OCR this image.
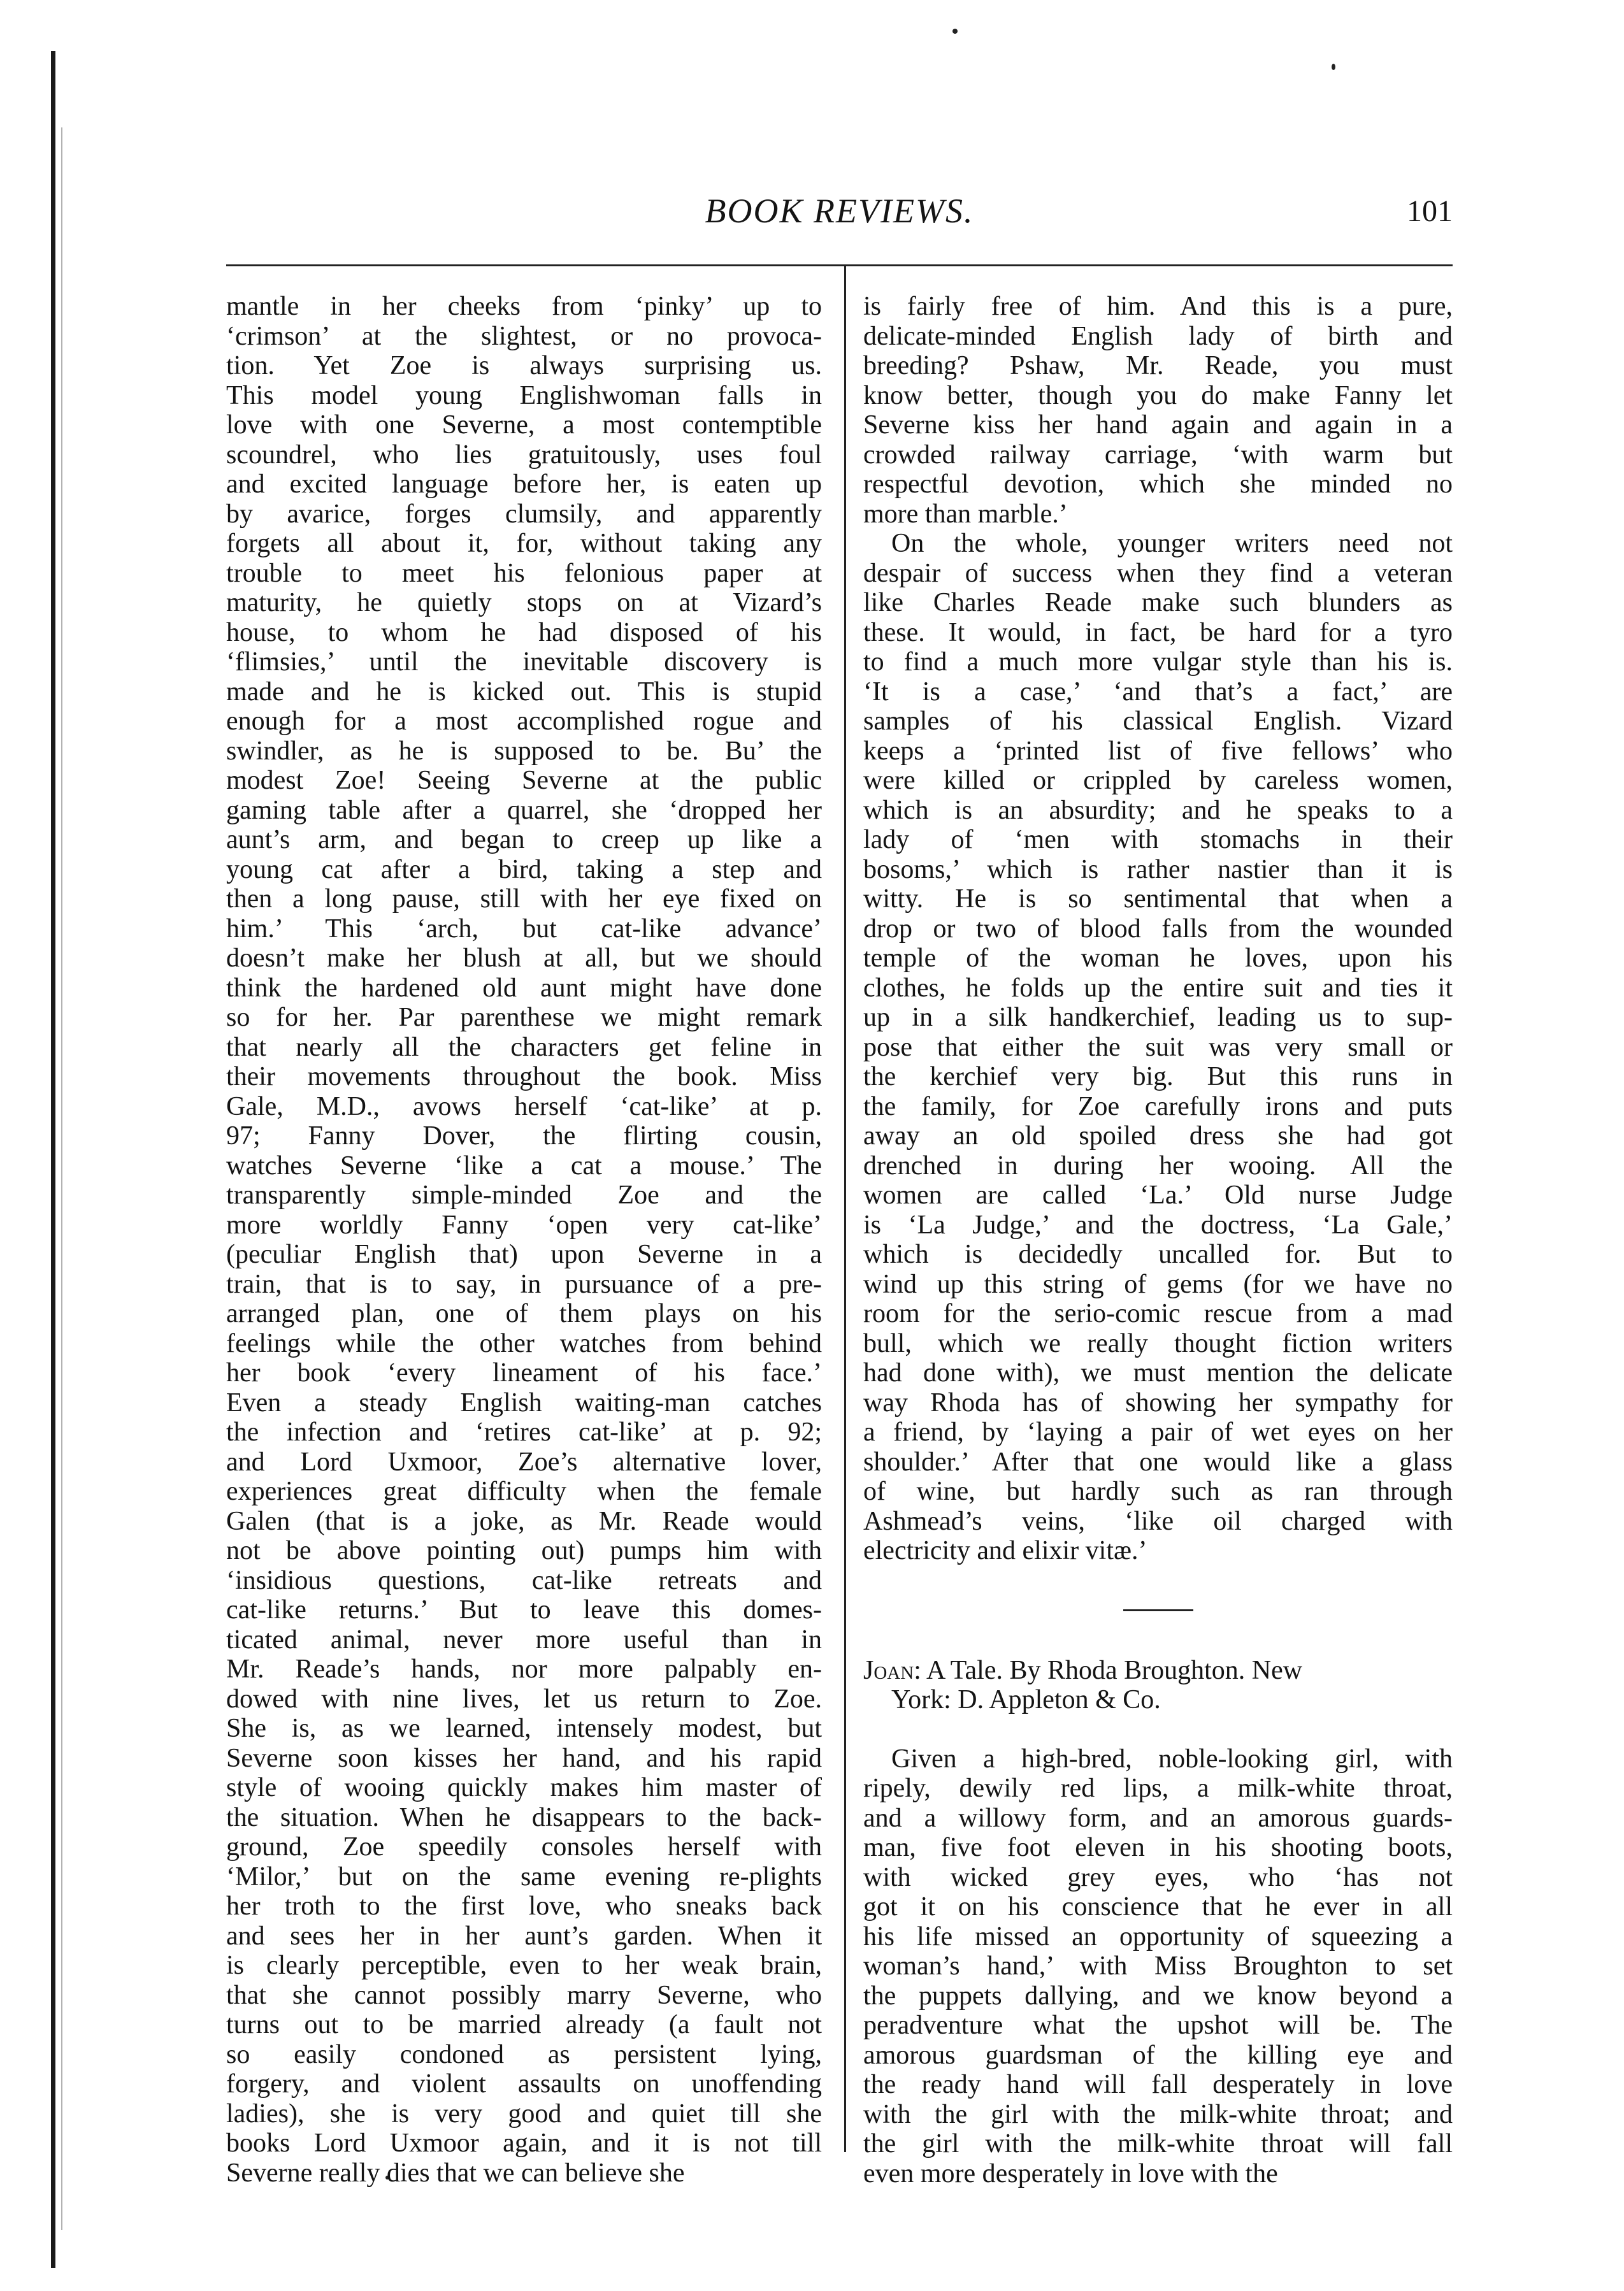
BOOK REVIEWS.	101
mantle in her cheeks from ‘pinky’ up to
‘crimson’ at the slightest, or no provoca-
tion. Yet Zoe is always surprising us.
This model young Englishwoman falls in
love with one Severne, a most contemptible
scoundrel, who lies gratuitously, uses foul
and excited language before her, is eaten up
by avarice, forges clumsily, and apparently
forgets all about it, for, without taking any
trouble to meet his felonious paper at
maturity, he quietly stops on at Vizard’s
house, to whom he had disposed of his
‘flimsies,’ until the inevitable discovery is
made and he is kicked out. This is stupid
enough for a most accomplished rogue and
swindler, as he is supposed to be. Bu’ the
modest Zoe! Seeing Severne at the public
gaming table after a quarrel, she ‘dropped her
aunt’s arm, and began to creep up like a
young cat after a bird, taking a step and
then a long pause, still with her eye fixed on
him.’ This ‘arch, but cat-like advance’
doesn’t make her blush at all, but we should
think the hardened old aunt might have done
so for her. Par parenthese we might remark
that nearly all the characters get feline in
their movements throughout the book. Miss
Gale, M.D., avows herself ‘cat-like’ at p.
97; Fanny Dover, the flirting cousin,
watches Severne ‘like a cat a mouse.’ The
transparently simple-minded Zoe and the
more worldly Fanny ‘open very cat-like’
(peculiar English that) upon Severne in a
train, that is to say, in pursuance of a pre-
arranged plan, one of them plays on his
feelings while the other watches from behind
her book ‘every lineament of his face.’
Even a steady English waiting-man catches
the infection and ‘retires cat-like’ at p. 92;
and Lord Uxmoor, Zoe’s alternative lover,
experiences great difficulty when the female
Galen (that is a joke, as Mr. Reade would
not be above pointing out) pumps him with
‘insidious questions, cat-like retreats and
cat-like returns.’ But to leave this domes-
ticated animal, never more useful than in
Mr. Reade’s hands, nor more palpably en-
dowed with nine lives, let us return to Zoe.
She is, as we learned, intensely modest, but
Severne soon kisses her hand, and his rapid
style of wooing quickly makes him master of
the situation. When he disappears to the back-
ground, Zoe speedily consoles herself with
‘Milor,’ but on the same evening re-plights
her troth to the first love, who sneaks back
and sees her in her aunt’s garden. When it
is clearly perceptible, even to her weak brain,
that she cannot possibly marry Severne, who
turns out to be married already (a fault not
so easily condoned as persistent lying,
forgery, and violent assaults on unoffending
ladies), she is very good and quiet till she
books Lord Uxmoor again, and it is not till
Severne really dies that we can believe she
is fairly free of him. And this is a pure,
delicate-minded English lady of birth and
breeding? Pshaw, Mr. Reade, you must
know better, though you do make Fanny let
Severne kiss her hand again and again in a
crowded railway carriage, ‘with warm but
respectful devotion, which she minded no
more than marble.’
On the whole, younger writers need not
despair of success when they find a veteran
like Charles Reade make such blunders as
these. It would, in fact, be hard for a tyro
to find a much more vulgar style than his is.
‘It is a case,’ ‘and that’s a fact,’ are
samples of his classical English. Vizard
keeps a ‘printed list of five fellows’ who
were killed or crippled by careless women,
which is an absurdity; and he speaks to a
lady of ‘men with stomachs in their
bosoms,’ which is rather nastier than it is
witty. He is so sentimental that when a
drop or two of blood falls from the wounded
temple of the woman he loves, upon his
clothes, he folds up the entire suit and ties it
up in a silk handkerchief, leading us to sup-
pose that either the suit was very small or
the kerchief very big. But this runs in
the family, for Zoe carefully irons and puts
away an old spoiled dress she had got
drenched in during her wooing. All the
women are called ‘La.’ Old nurse Judge
is ‘La Judge,’ and the doctress, ‘La Gale,’
which is decidedly uncalled for. But to
wind up this string of gems (for we have no
room for the serio-comic rescue from a mad
bull, which we really thought fiction writers
had done with), we must mention the delicate
way Rhoda has of showing her sympathy for
a friend, by ‘laying a pair of wet eyes on her
shoulder.’ After that one would like a glass
of wine, but hardly such as ran through
Ashmead’s veins, ‘like oil charged with
electricity and elixir vitæ.’
Joan: A Tale. By Rhoda Broughton. New
York: D. Appleton & Co.
Given a high-bred, noble-looking girl, with
ripely, dewily red lips, a milk-white throat,
and a willowy form, and an amorous guards-
man, five foot eleven in his shooting boots,
with wicked grey eyes, who ‘has not
got it on his conscience that he ever in all
his life missed an opportunity of squeezing a
woman’s hand,’ with Miss Broughton to set
the puppets dallying, and we know beyond a
peradventure what the upshot will be. The
amorous guardsman of the killing eye and
the ready hand will fall desperately in love
with the girl with the milk-white throat; and
the girl with the milk-white throat will fall
even more desperately in love with the
